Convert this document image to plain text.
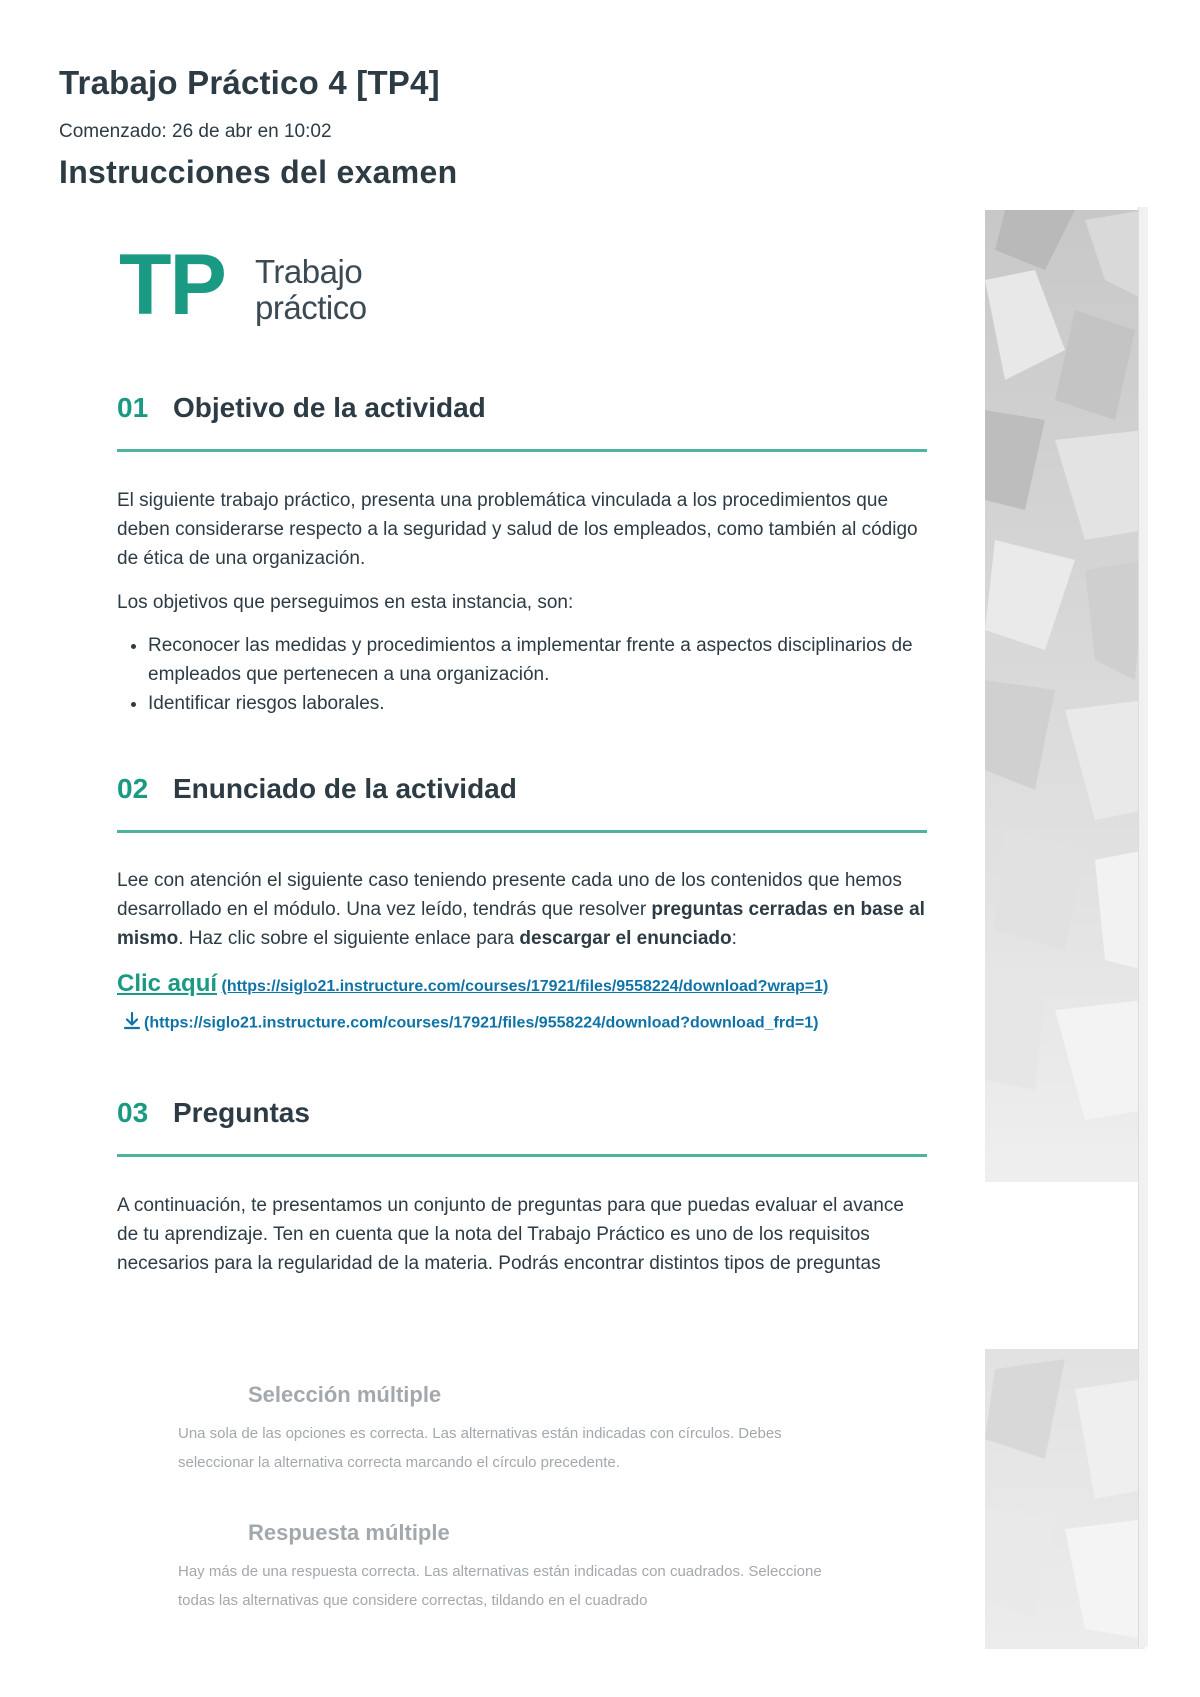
Trabajo Práctico 4 [TP4]
Comenzado: 26 de abr en 10:02
Instrucciones del examen
TP Trabajo
práctico
01 Objetivo de la actividad

El siguiente trabajo práctico, presenta una problemática vinculada a los procedimientos que deben considerarse respecto a la seguridad y salud de los empleados, como también al código de ética de una organización.

Los objetivos que perseguimos en esta instancia, son:

• Reconocer las medidas y procedimientos a implementar frente a aspectos disciplinarios de empleados que pertenecen a una organización.
• Identificar riesgos laborales.
02 Enunciado de la actividad

Lee con atención el siguiente caso teniendo presente cada uno de los contenidos que hemos desarrollado en el módulo. Una vez leído, tendrás que resolver preguntas cerradas en base al mismo. Haz clic sobre el siguiente enlace para descargar el enunciado:

Clic aquí (https://siglo21.instructure.com/courses/17921/files/9558224/download?wrap=1)
(https://siglo21.instructure.com/courses/17921/files/9558224/download?download_frd=1)
03 Preguntas

A continuación, te presentamos un conjunto de preguntas para que puedas evaluar el avance de tu aprendizaje. Ten en cuenta que la nota del Trabajo Práctico es uno de los requisitos necesarios para la regularidad de la materia. Podrás encontrar distintos tipos de preguntas

Selección múltiple

Una sola de las opciones es correcta. Las alternativas están indicadas con círculos. Debes seleccionar la alternativa correcta marcando el círculo precedente.

Respuesta múltiple

Hay más de una respuesta correcta. Las alternativas están indicadas con cuadrados. Seleccione todas las alternativas que considere correctas, tildando en el cuadrado
